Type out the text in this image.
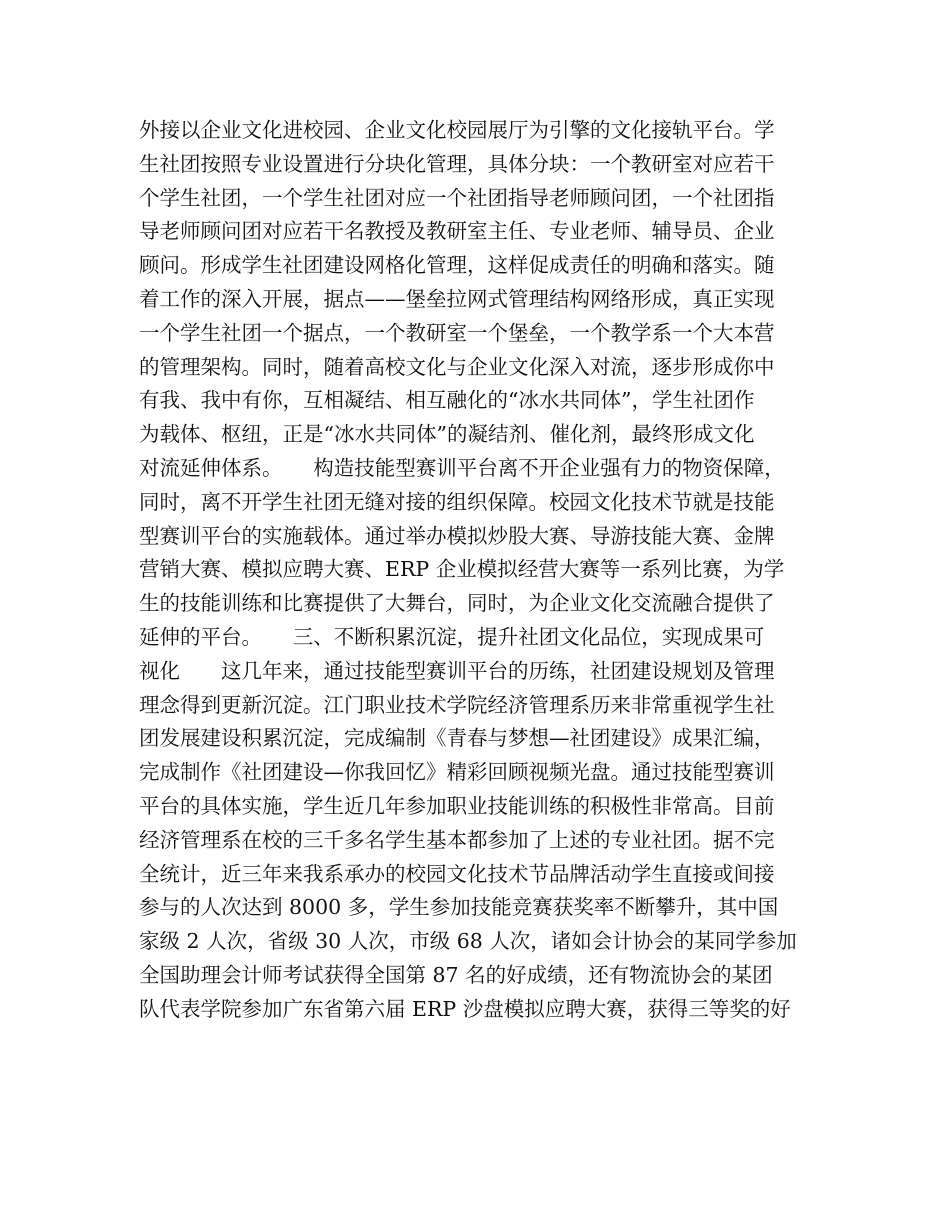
外接以企业文化进校园、企业文化校园展厅为引擎的文化接轨平台。学
生社团按照专业设置进行分块化管理，具体分块：一个教研室对应若干
个学生社团，一个学生社团对应一个社团指导老师顾问团，一个社团指
导老师顾问团对应若干名教授及教研室主任、专业老师、辅导员、企业
顾问。形成学生社团建设网格化管理，这样促成责任的明确和落实。随
着工作的深入开展，据点——堡垒拉网式管理结构网络形成，真正实现
一个学生社团一个据点，一个教研室一个堡垒，一个教学系一个大本营
的管理架构。同时，随着高校文化与企业文化深入对流，逐步形成你中
有我、我中有你，互相凝结、相互融化的“冰水共同体”，学生社团作
为载体、枢纽，正是“冰水共同体”的凝结剂、催化剂，最终形成文化
对流延伸体系。　　构造技能型赛训平台离不开企业强有力的物资保障，
同时，离不开学生社团无缝对接的组织保障。校园文化技术节就是技能
型赛训平台的实施载体。通过举办模拟炒股大赛、导游技能大赛、金牌
营销大赛、模拟应聘大赛、ERP 企业模拟经营大赛等一系列比赛，为学
生的技能训练和比赛提供了大舞台，同时，为企业文化交流融合提供了
延伸的平台。　　三、不断积累沉淀，提升社团文化品位，实现成果可
视化　　这几年来，通过技能型赛训平台的历练，社团建设规划及管理
理念得到更新沉淀。江门职业技术学院经济管理系历来非常重视学生社
团发展建设积累沉淀，完成编制《青春与梦想—社团建设》成果汇编，
完成制作《社团建设—你我回忆》精彩回顾视频光盘。通过技能型赛训
平台的具体实施，学生近几年参加职业技能训练的积极性非常高。目前
经济管理系在校的三千多名学生基本都参加了上述的专业社团。据不完
全统计，近三年来我系承办的校园文化技术节品牌活动学生直接或间接
参与的人次达到 8000 多，学生参加技能竞赛获奖率不断攀升，其中国
家级 2 人次，省级 30 人次，市级 68 人次，诸如会计协会的某同学参加
全国助理会计师考试获得全国第 87 名的好成绩，还有物流协会的某团
队代表学院参加广东省第六届 ERP 沙盘模拟应聘大赛，获得三等奖的好
